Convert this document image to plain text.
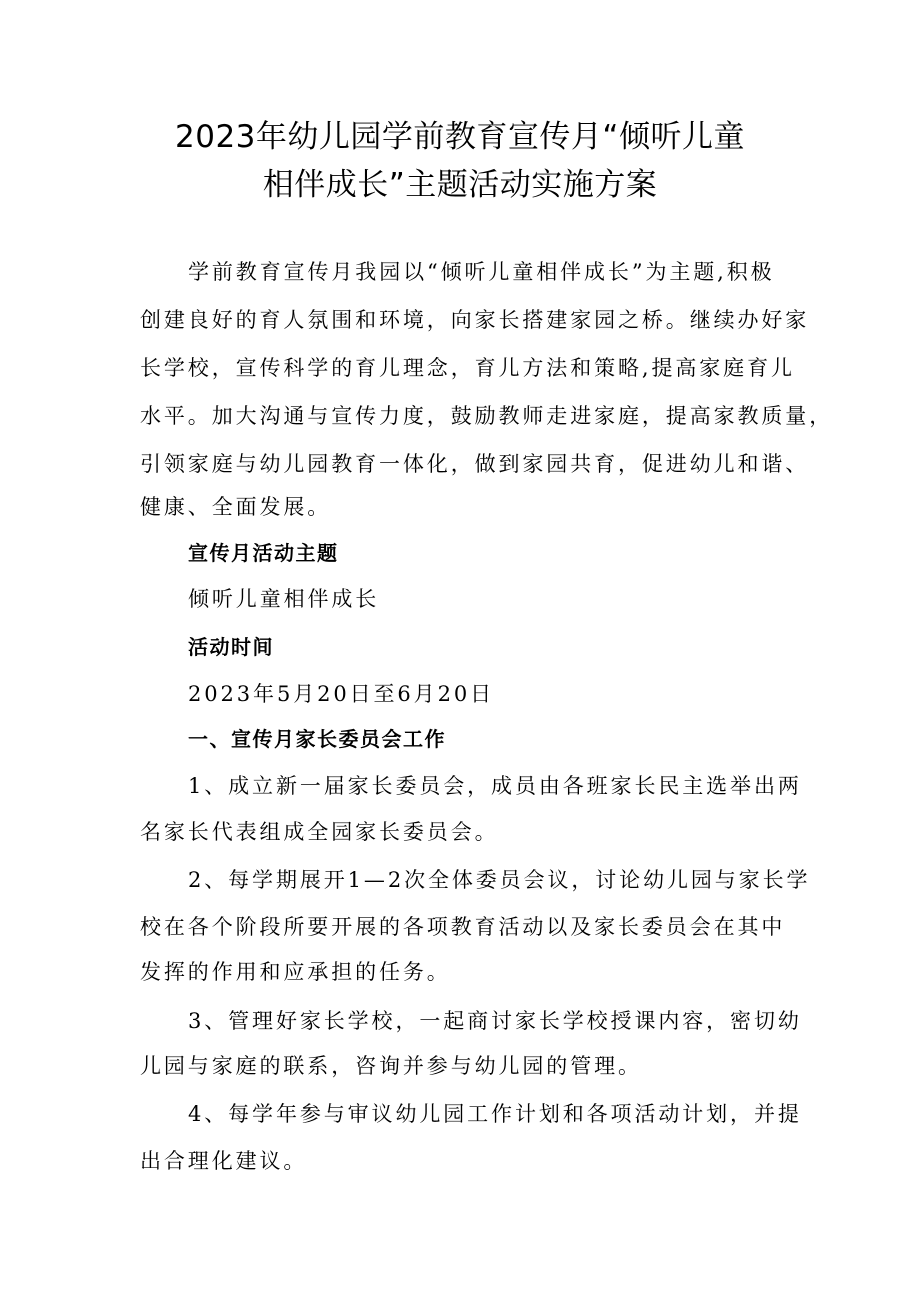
2023年幼儿园学前教育宣传月“倾听儿童
相伴成长”主题活动实施方案
学前教育宣传月我园以“倾听儿童相伴成长”为主题,积极
创建良好的育人氛围和环境，向家长搭建家园之桥。继续办好家
长学校，宣传科学的育儿理念，育儿方法和策略,提高家庭育儿
水平。加大沟通与宣传力度，鼓励教师走进家庭，提高家教质量，
引领家庭与幼儿园教育一体化，做到家园共育，促进幼儿和谐、
健康、全面发展。
宣传月活动主题
倾听儿童相伴成长
活动时间
2023年5月20日至6月20日
一、宣传月家长委员会工作
1、成立新一届家长委员会，成员由各班家长民主选举出两
名家长代表组成全园家长委员会。
2、每学期展开1—2次全体委员会议，讨论幼儿园与家长学
校在各个阶段所要开展的各项教育活动以及家长委员会在其中
发挥的作用和应承担的任务。
3、管理好家长学校，一起商讨家长学校授课内容，密切幼
儿园与家庭的联系，咨询并参与幼儿园的管理。
4、每学年参与审议幼儿园工作计划和各项活动计划，并提
出合理化建议。
